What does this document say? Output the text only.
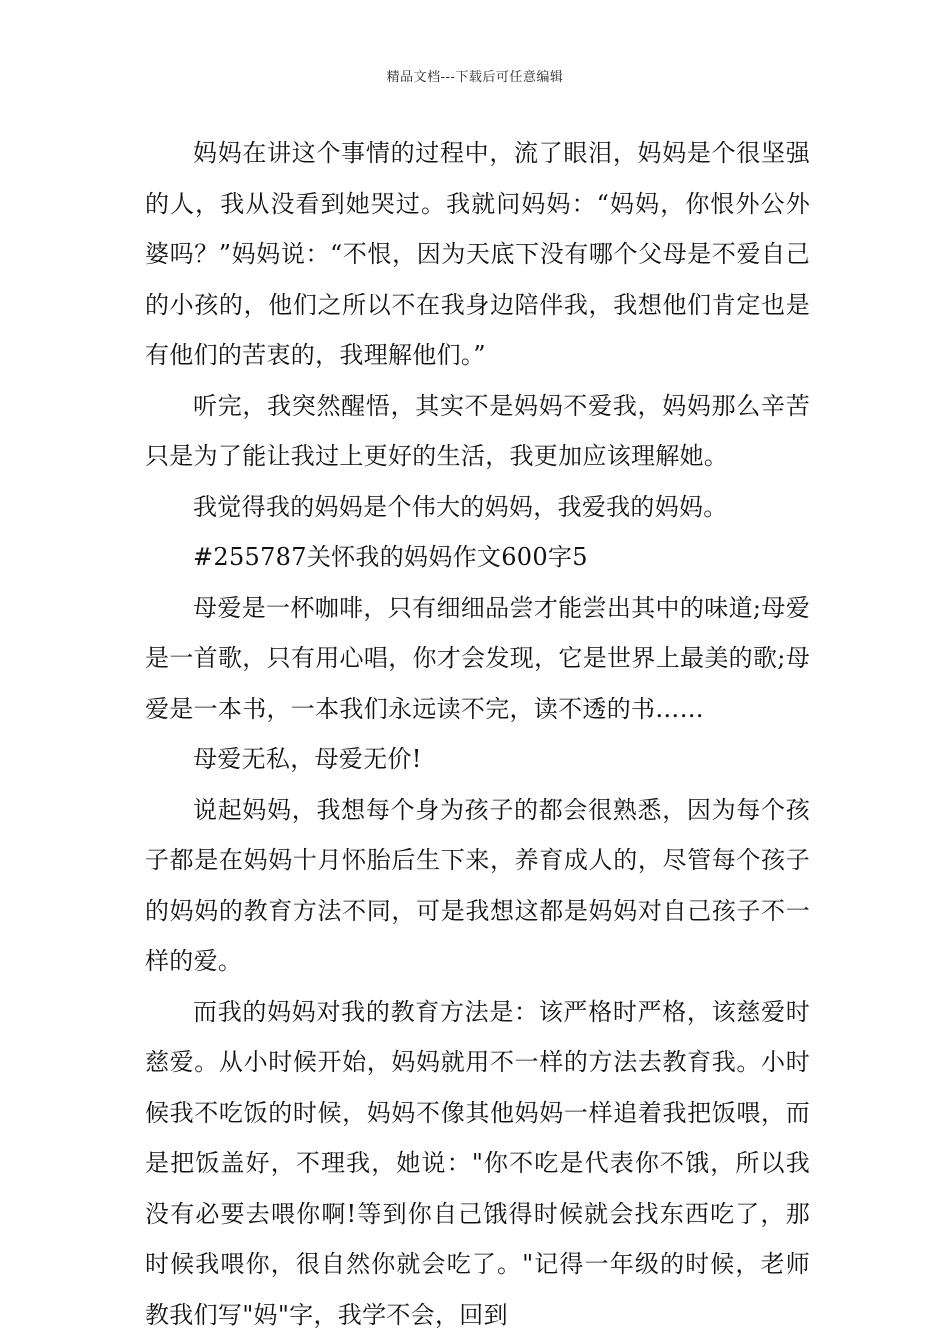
精品文档---下载后可任意编辑

妈妈在讲这个事情的过程中，流了眼泪，妈妈是个很坚强的人，我从没看到她哭过。我就问妈妈：“妈妈，你恨外公外婆吗？”妈妈说：“不恨，因为天底下没有哪个父母是不爱自己的小孩的，他们之所以不在我身边陪伴我，我想他们肯定也是有他们的苦衷的，我理解他们。”

听完，我突然醒悟，其实不是妈妈不爱我，妈妈那么辛苦只是为了能让我过上更好的生活，我更加应该理解她。

我觉得我的妈妈是个伟大的妈妈，我爱我的妈妈。

#255787关怀我的妈妈作文600字5

母爱是一杯咖啡，只有细细品尝才能尝出其中的味道;母爱是一首歌，只有用心唱，你才会发现，它是世界上最美的歌;母爱是一本书，一本我们永远读不完，读不透的书……

母爱无私，母爱无价!

说起妈妈，我想每个身为孩子的都会很熟悉，因为每个孩子都是在妈妈十月怀胎后生下来，养育成人的，尽管每个孩子的妈妈的教育方法不同，可是我想这都是妈妈对自己孩子不一样的爱。

而我的妈妈对我的教育方法是：该严格时严格，该慈爱时慈爱。从小时候开始，妈妈就用不一样的方法去教育我。小时候我不吃饭的时候，妈妈不像其他妈妈一样追着我把饭喂，而是把饭盖好，不理我，她说："你不吃是代表你不饿，所以我没有必要去喂你啊!等到你自己饿得时候就会找东西吃了，那时候我喂你，很自然你就会吃了。"记得一年级的时候，老师教我们写"妈"字，我学不会，回到
